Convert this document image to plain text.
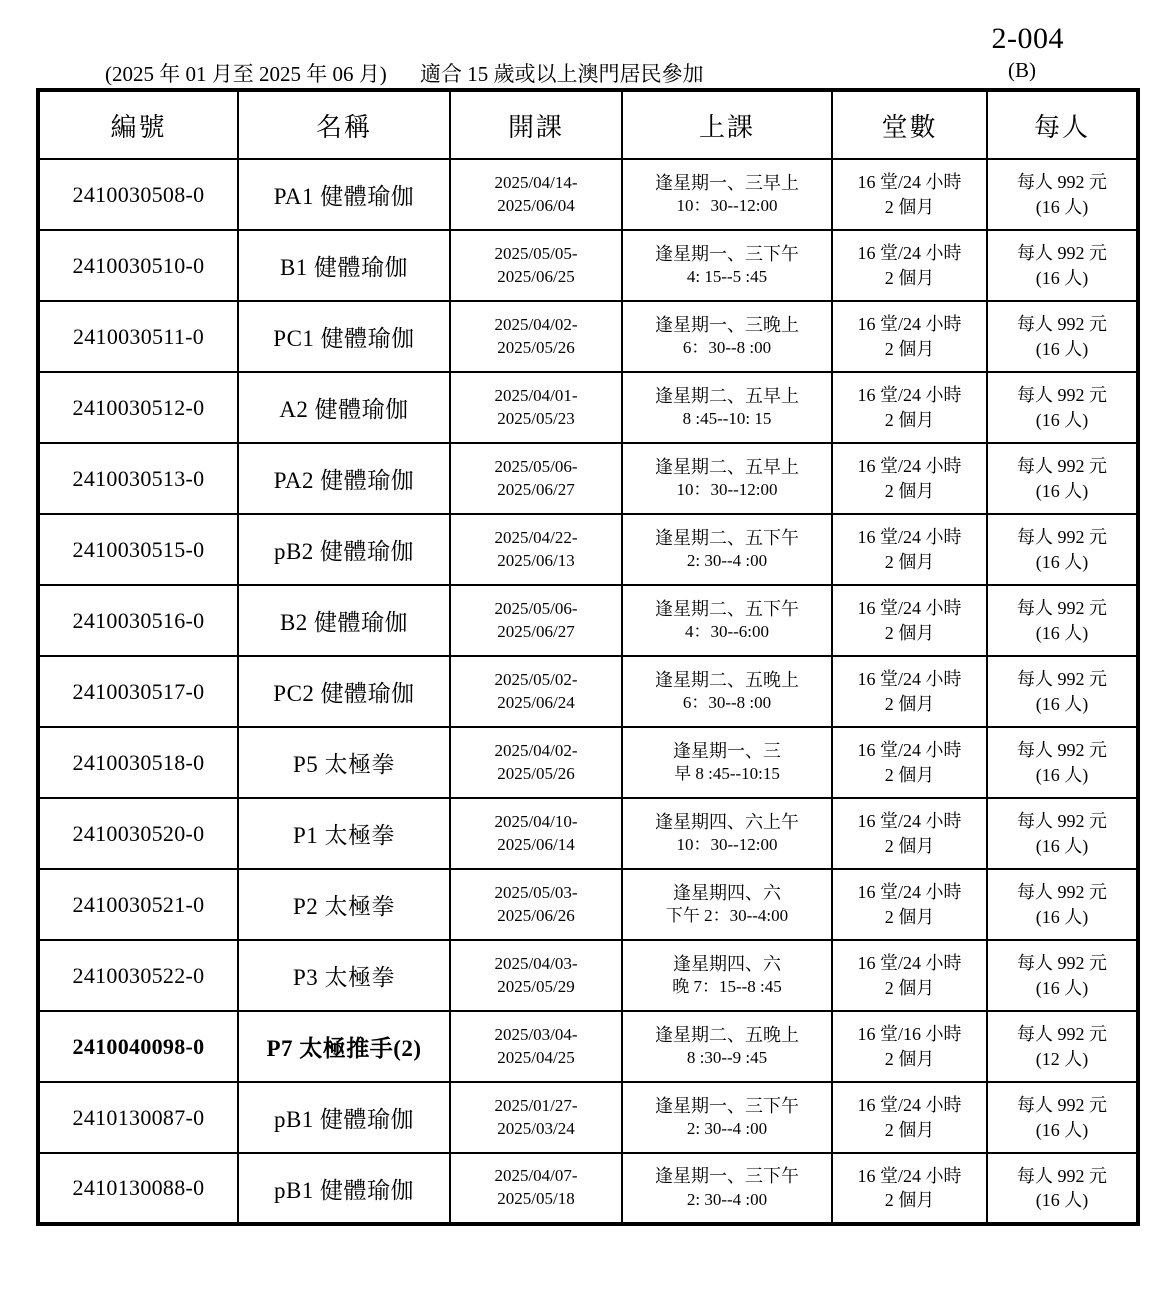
2-004
(B)
(2025 年 01 月至 2025 年 06 月) 適合 15 歲或以上澳門居民參加
編號	名稱	開課	上課	堂數	每人
2410030508-0	PA1 健體瑜伽	2025/04/14-
2025/06/04	逢星期一、三早上
10：30--12:00	16 堂/24 小時
2 個月	每人 992 元
(16 人)

2410030510-0	B1 健體瑜伽	2025/05/05-
2025/06/25	逢星期一、三下午
4: 15--5 :45	16 堂/24 小時
2 個月	每人 992 元
(16 人)

2410030511-0	PC1 健體瑜伽	2025/04/02-
2025/05/26	逢星期一、三晚上
6：30--8 :00	16 堂/24 小時
2 個月	每人 992 元
(16 人)

2410030512-0	A2 健體瑜伽	2025/04/01-
2025/05/23	逢星期二、五早上
8 :45--10: 15	16 堂/24 小時
2 個月	每人 992 元
(16 人)

2410030513-0	PA2 健體瑜伽	2025/05/06-
2025/06/27	逢星期二、五早上
10：30--12:00	16 堂/24 小時
2 個月	每人 992 元
(16 人)

2410030515-0	pB2 健體瑜伽	2025/04/22-
2025/06/13	逢星期二、五下午
2: 30--4 :00	16 堂/24 小時
2 個月	每人 992 元
(16 人)

2410030516-0	B2 健體瑜伽	2025/05/06-
2025/06/27	逢星期二、五下午
4：30--6:00	16 堂/24 小時
2 個月	每人 992 元
(16 人)

2410030517-0	PC2 健體瑜伽	2025/05/02-
2025/06/24	逢星期二、五晚上
6：30--8 :00	16 堂/24 小時
2 個月	每人 992 元
(16 人)

2410030518-0	P5 太極拳	2025/04/02-
2025/05/26	逢星期一、三
早 8 :45--10:15	16 堂/24 小時
2 個月	每人 992 元
(16 人)

2410030520-0	P1 太極拳	2025/04/10-
2025/06/14	逢星期四、六上午
10：30--12:00	16 堂/24 小時
2 個月	每人 992 元
(16 人)

2410030521-0	P2 太極拳	2025/05/03-
2025/06/26	逢星期四、六
下午 2：30--4:00	16 堂/24 小時
2 個月	每人 992 元
(16 人)

2410030522-0	P3 太極拳	2025/04/03-
2025/05/29	逢星期四、六
晚 7：15--8 :45	16 堂/24 小時
2 個月	每人 992 元
(16 人)

2410040098-0	P7 太極推手(2)	2025/03/04-
2025/04/25	逢星期二、五晚上
8 :30--9 :45	16 堂/16 小時
2 個月	每人 992 元
(12 人)

2410130087-0	pB1 健體瑜伽	2025/01/27-
2025/03/24	逢星期一、三下午
2: 30--4 :00	16 堂/24 小時
2 個月	每人 992 元
(16 人)

2410130088-0	pB1 健體瑜伽	2025/04/07-
2025/05/18	逢星期一、三下午
2: 30--4 :00	16 堂/24 小時
2 個月	每人 992 元
(16 人)
